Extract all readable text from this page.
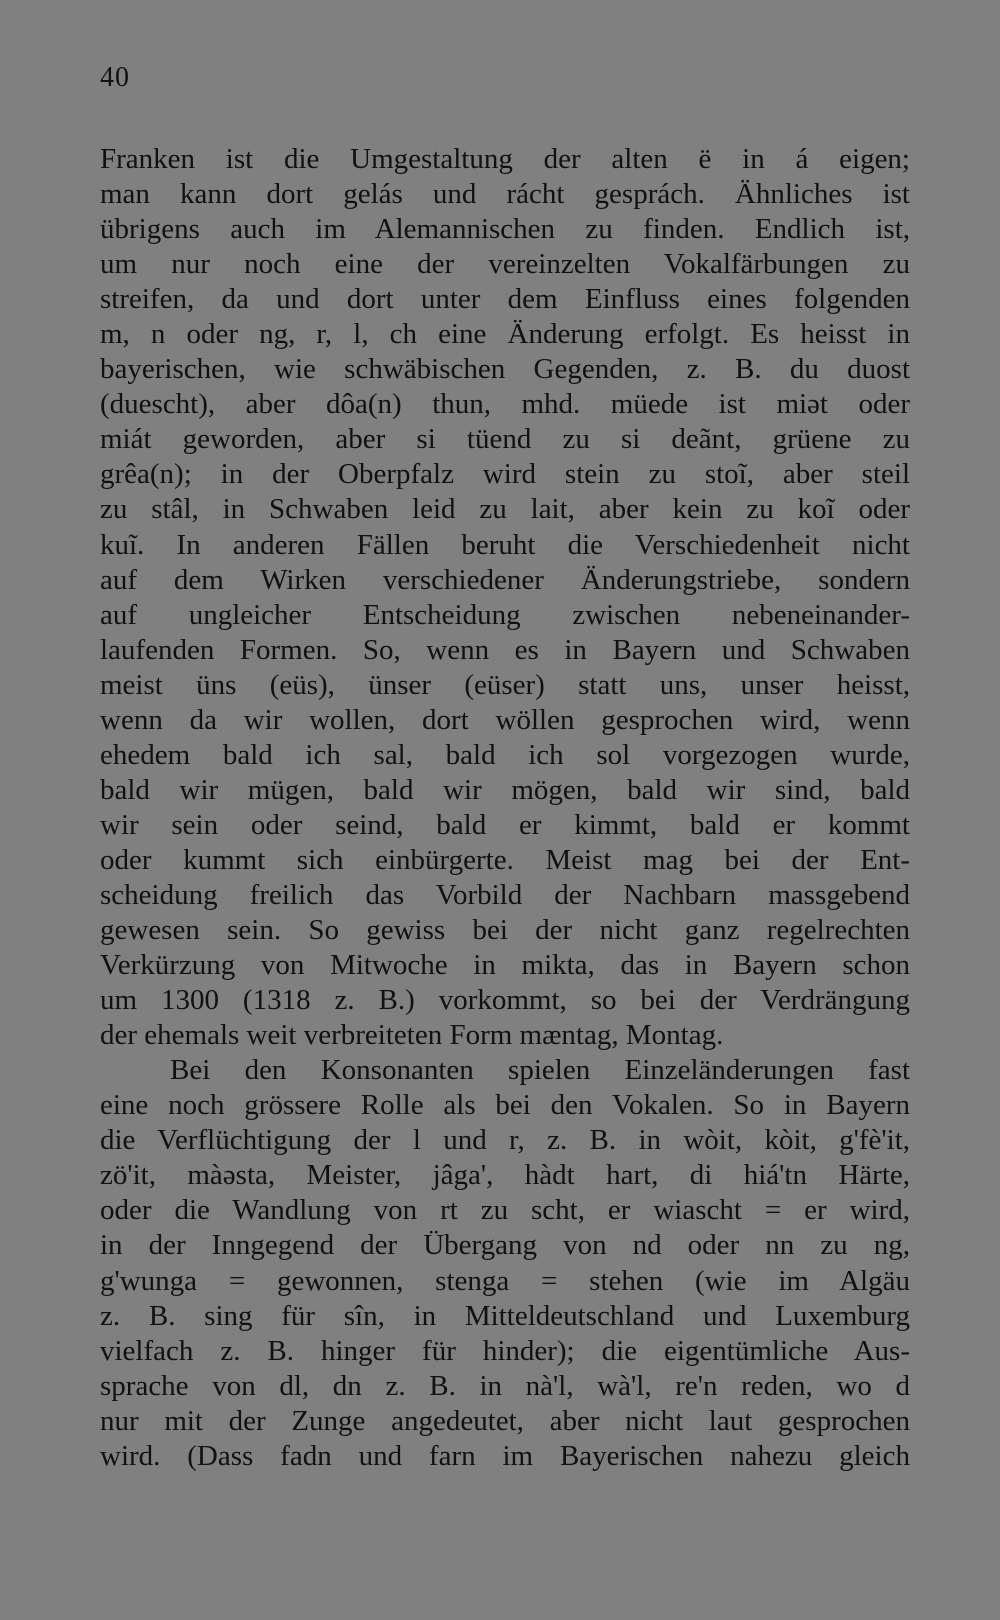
40
Franken ist die Umgestaltung der alten ë in á eigen;
man kann dort gelás und rácht gesprách. Ähnliches ist
übrigens auch im Alemannischen zu finden. Endlich ist,
um nur noch eine der vereinzelten Vokalfärbungen zu
streifen, da und dort unter dem Einfluss eines folgenden
m, n oder ng, r, l, ch eine Änderung erfolgt. Es heisst in
bayerischen, wie schwäbischen Gegenden, z. B. du duost
(duescht), aber dôa(n) thun, mhd. müede ist miət oder
miát geworden, aber si tüend zu si deãnt, grüene zu
grêa(n); in der Oberpfalz wird stein zu stoĩ, aber steil
zu stâl, in Schwaben leid zu lait, aber kein zu koĩ oder
kuĩ. In anderen Fällen beruht die Verschiedenheit nicht
auf dem Wirken verschiedener Änderungstriebe, sondern
auf ungleicher Entscheidung zwischen nebeneinander-
laufenden Formen. So, wenn es in Bayern und Schwaben
meist üns (eüs), ünser (eüser) statt uns, unser heisst,
wenn da wir wollen, dort wöllen gesprochen wird, wenn
ehedem bald ich sal, bald ich sol vorgezogen wurde,
bald wir mügen, bald wir mögen, bald wir sind, bald
wir sein oder seind, bald er kimmt, bald er kommt
oder kummt sich einbürgerte. Meist mag bei der Ent-
scheidung freilich das Vorbild der Nachbarn massgebend
gewesen sein. So gewiss bei der nicht ganz regelrechten
Verkürzung von Mitwoche in mikta, das in Bayern schon
um 1300 (1318 z. B.) vorkommt, so bei der Verdrängung
der ehemals weit verbreiteten Form mæntag, Montag.
Bei den Konsonanten spielen Einzeländerungen fast
eine noch grössere Rolle als bei den Vokalen. So in Bayern
die Verflüchtigung der l und r, z. B. in wòit, kòit, g'fè'it,
zö'it, màəsta, Meister, jâga', hàdt hart, di hiá'tn Härte,
oder die Wandlung von rt zu scht, er wiascht = er wird,
in der Inngegend der Übergang von nd oder nn zu ng,
g'wunga = gewonnen, stenga = stehen (wie im Algäu
z. B. sing für sîn, in Mitteldeutschland und Luxemburg
vielfach z. B. hinger für hinder); die eigentümliche Aus-
sprache von dl, dn z. B. in nà'l, wà'l, re'n reden, wo d
nur mit der Zunge angedeutet, aber nicht laut gesprochen
wird. (Dass fadn und farn im Bayerischen nahezu gleich
